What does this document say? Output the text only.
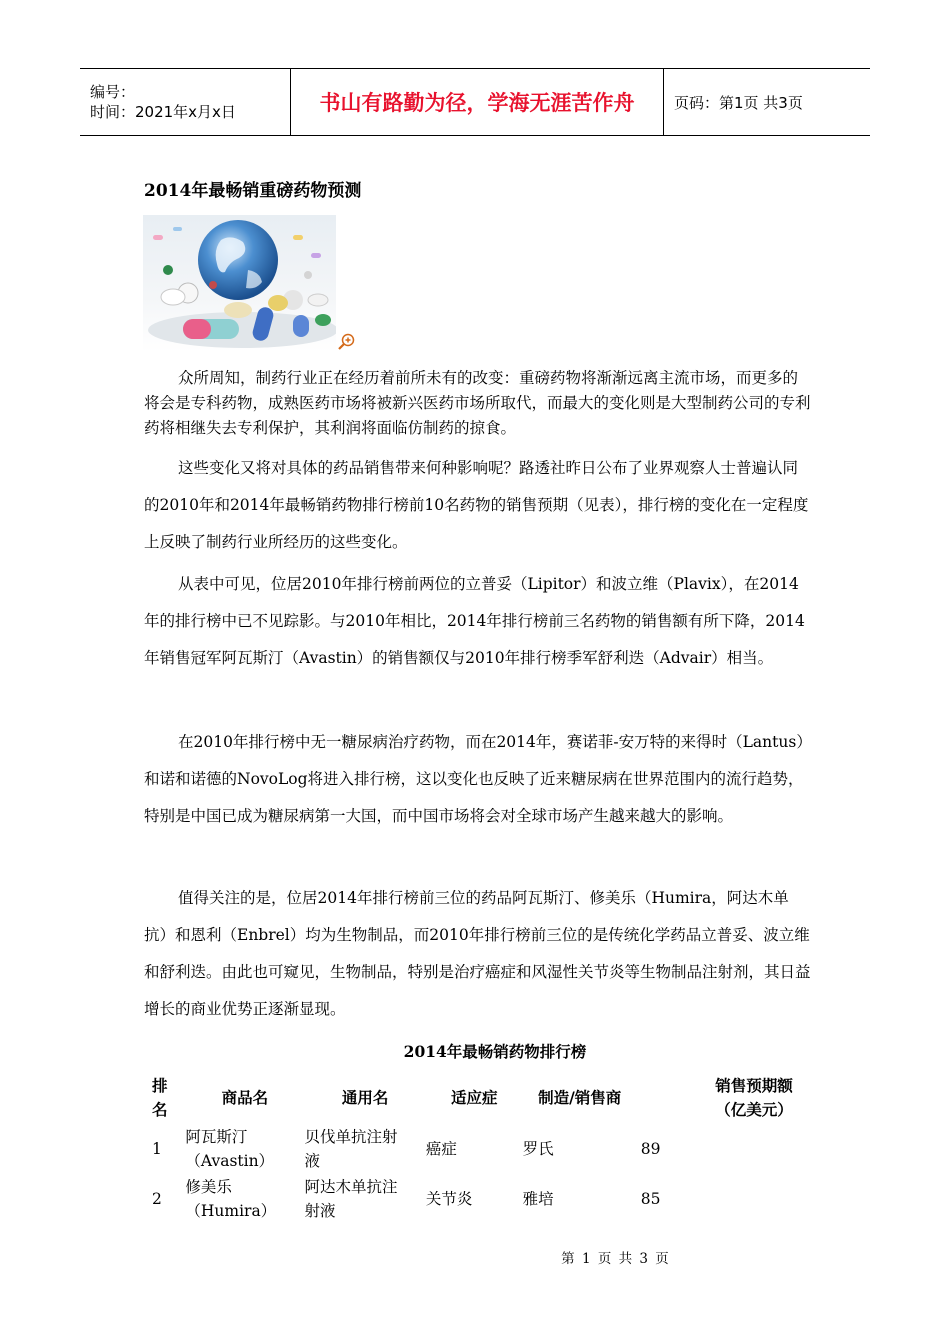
编号：
时间：2021年x月x日	书山有路勤为径，学海无涯苦作舟	页码：第1页 共3页
2014年最畅销重磅药物预测

众所周知，制药行业正在经历着前所未有的改变：重磅药物将渐渐远离主流市场，而更多的将会是专科药物，成熟医药市场将被新兴医药市场所取代，而最大的变化则是大型制药公司的专利药将相继失去专利保护，其利润将面临仿制药的掠食。

这些变化又将对具体的药品销售带来何种影响呢？路透社昨日公布了业界观察人士普遍认同的2010年和2014年最畅销药物排行榜前10名药物的销售预期（见表），排行榜的变化在一定程度上反映了制药行业所经历的这些变化。

从表中可见，位居2010年排行榜前两位的立普妥（Lipitor）和波立维（Plavix），在2014年的排行榜中已不见踪影。与2010年相比，2014年排行榜前三名药物的销售额有所下降，2014年销售冠军阿瓦斯汀（Avastin）的销售额仅与2010年排行榜季军舒利迭（Advair）相当。

在2010年排行榜中无一糖尿病治疗药物，而在2014年，赛诺菲-安万特的来得时（Lantus）和诺和诺德的NovoLog将进入排行榜，这以变化也反映了近来糖尿病在世界范围内的流行趋势，特别是中国已成为糖尿病第一大国，而中国市场将会对全球市场产生越来越大的影响。

值得关注的是，位居2014年排行榜前三位的药品阿瓦斯汀、修美乐（Humira，阿达木单抗）和恩利（Enbrel）均为生物制品，而2010年排行榜前三位的是传统化学药品立普妥、波立维和舒利迭。由此也可窥见，生物制品，特别是治疗癌症和风湿性关节炎等生物制品注射剂，其日益增长的商业优势正逐渐显现。

2014年最畅销药物排行榜
排名	商品名	通用名	适应症	制造/销售商	销售预期额（亿美元）

1	阿瓦斯汀（Avastin）	贝伐单抗注射液	癌症	罗氏	89
2	修美乐（Humira）	阿达木单抗注射液	关节炎	雅培	85
第 1 页 共 3 页
